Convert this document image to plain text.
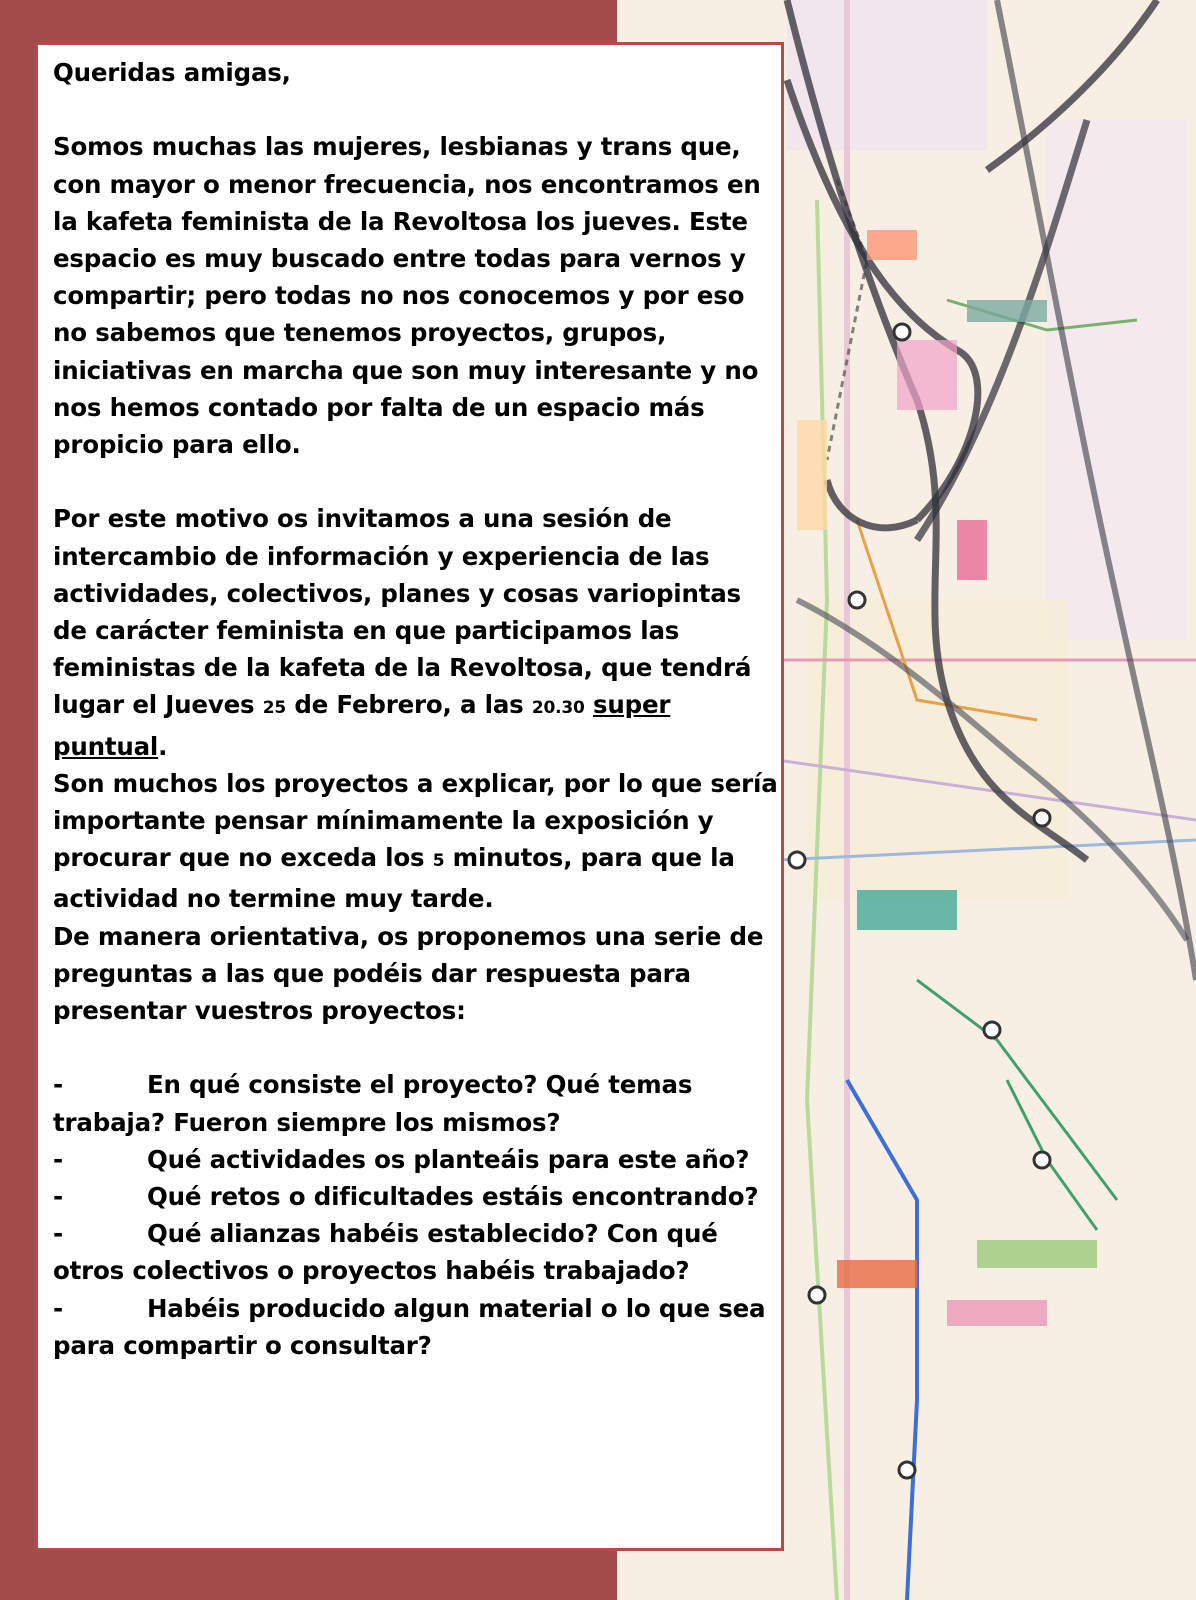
Queridas amigas,

Somos muchas las mujeres, lesbianas y trans que, con mayor o menor frecuencia, nos encontramos en la kafeta feminista de la Revoltosa los jueves. Este espacio es muy buscado entre todas para vernos y compartir; pero todas no nos conocemos y por eso no sabemos que tenemos proyectos, grupos, iniciativas en marcha que son muy interesante y no nos hemos contado por falta de un espacio más propicio para ello.

Por este motivo os invitamos a una sesión de intercambio de información y experiencia de las actividades, colectivos, planes y cosas variopintas de carácter feminista en que participamos las feministas de la kafeta de la Revoltosa, que tendrá lugar el Jueves 25 de Febrero, a las 20.30 super puntual.

Son muchos los proyectos a explicar, por lo que sería importante pensar mínimamente la exposición y procurar que no exceda los 5 minutos, para que la actividad no termine muy tarde.

De manera orientativa, os proponemos una serie de preguntas a las que podéis dar respuesta para presentar vuestros proyectos:

-	En qué consiste el proyecto? Qué temas trabaja? Fueron siempre los mismos?

-	Qué actividades os planteáis para este año?

-	Qué retos o dificultades estáis encontrando?

-	Qué alianzas habéis establecido? Con qué otros colectivos o proyectos habéis trabajado?

-	Habéis producido algun material o lo que sea para compartir o consultar?
